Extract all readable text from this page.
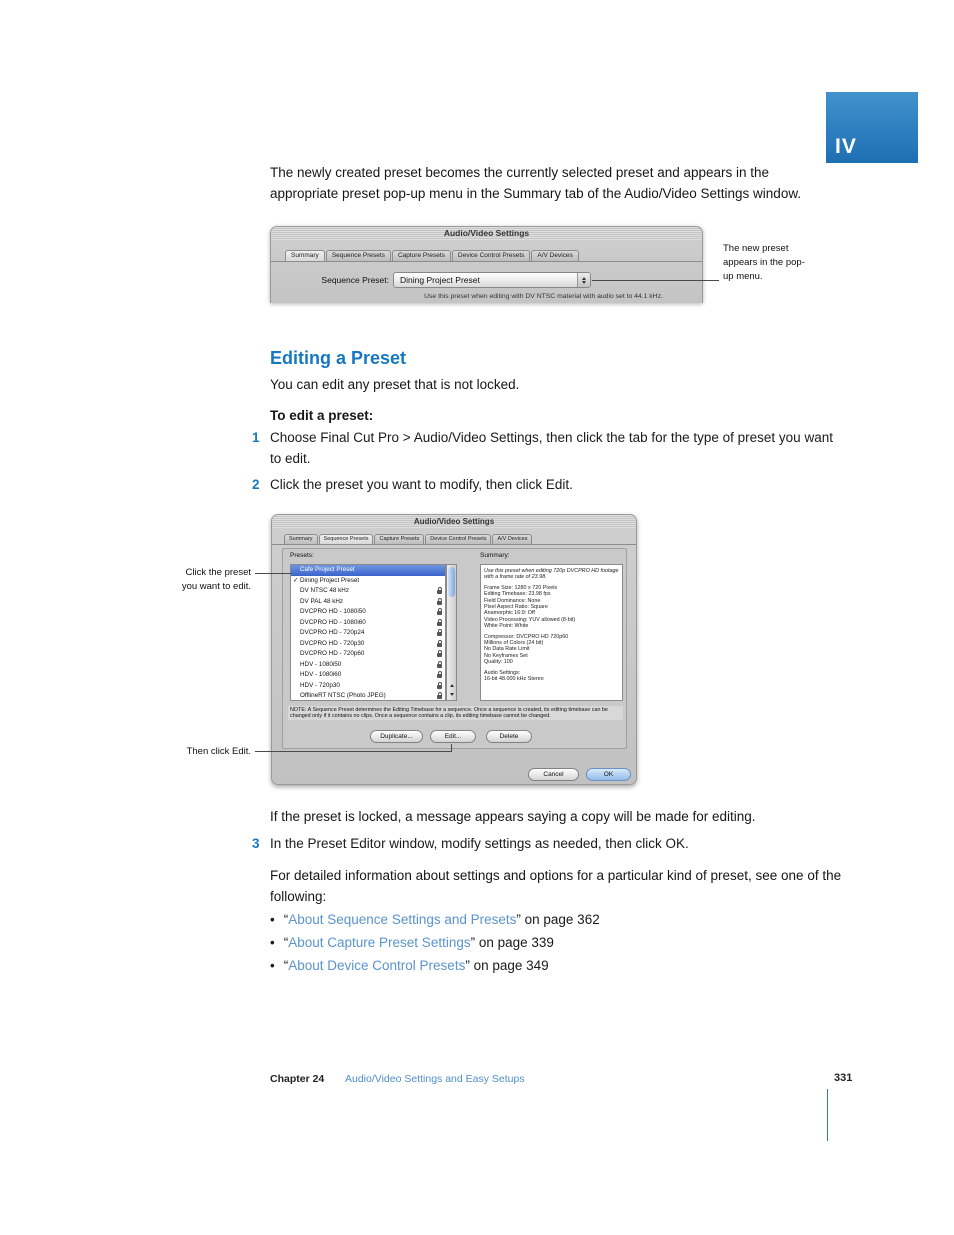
IV

The newly created preset becomes the currently selected preset and appears in the appropriate preset pop-up menu in the Summary tab of the Audio/Video Settings window.

Audio/Video Settings
Summary	Sequence Presets	Capture Presets	Device Control Presets	A/V Devices
Sequence Preset:	Dining Project Preset
Use this preset when editing with DV NTSC material with audio set to 44.1 kHz.
The new preset appears in the pop-up menu.
Editing a Preset

You can edit any preset that is not locked.

To edit a preset:

1 Choose Final Cut Pro > Audio/Video Settings, then click the tab for the type of preset you want to edit.
2 Click the preset you want to modify, then click Edit.
Audio/Video Settings
Summary	Sequence Presets	Capture Presets	Device Control Presets	A/V Devices
Presets:	Summary:
Cafe Project Preset
✓ Dining Project Preset
DV NTSC 48 kHz
DV PAL 48 kHz
DVCPRO HD - 1080i50
DVCPRO HD - 1080i60
DVCPRO HD - 720p24
DVCPRO HD - 720p30
DVCPRO HD - 720p60
HDV - 1080i50
HDV - 1080i60
HDV - 720p30
OfflineRT NTSC (Photo JPEG)
Use this preset when editing 720p DVCPRO HD footage with a frame rate of 23.98.
Frame Size: 1280 x 720 Pixels
Editing Timebase: 23.98 fps
Field Dominance: None
Pixel Aspect Ratio: Square
Anamorphic 16:9: Off
Video Processing: YUV allowed (8-bit)
White Point: White
Compressor: DVCPRO HD 720p60
Millions of Colors (24 bit)
No Data Rate Limit
No Keyframes Set
Quality: 100
Audio Settings:
16-bit 48.000 kHz Stereo
NOTE: A Sequence Preset determines the Editing Timebase for a sequence. Once a sequence is created, its editing timebase can be changed only if it contains no clips. Once a sequence contains a clip, its editing timebase cannot be changed.
Duplicate...	Edit...	Delete
Cancel	OK
Click the preset you want to edit.
Then click Edit.

If the preset is locked, a message appears saying a copy will be made for editing.

3 In the Preset Editor window, modify settings as needed, then click OK.

For detailed information about settings and options for a particular kind of preset, see one of the following:

• “About Sequence Settings and Presets” on page 362
• “About Capture Preset Settings” on page 339
• “About Device Control Presets” on page 349
Chapter 24 Audio/Video Settings and Easy Setups	331
